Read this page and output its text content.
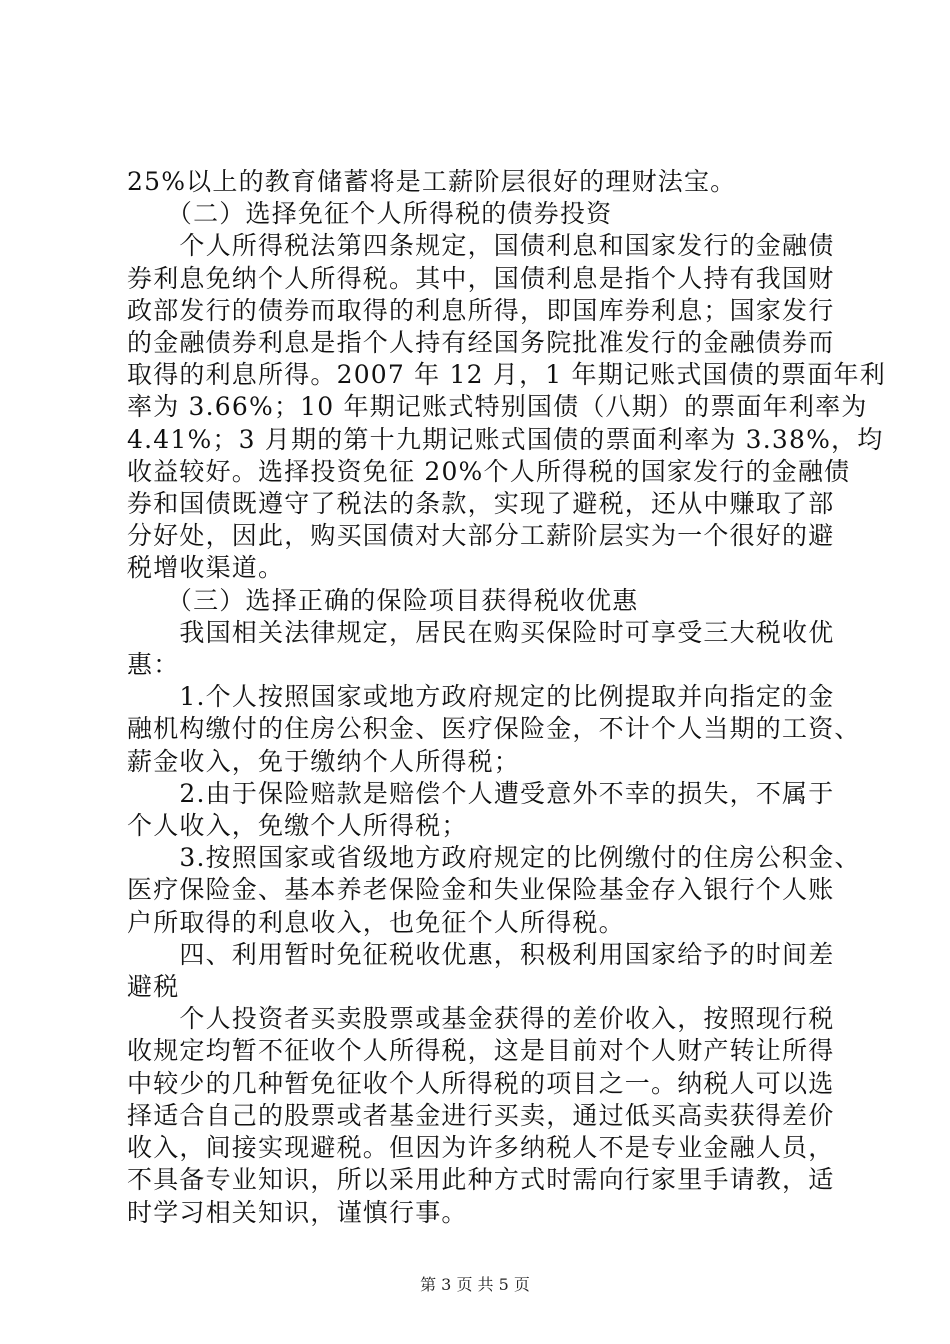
25%以上的教育储蓄将是工薪阶层很好的理财法宝。
　　（二）选择免征个人所得税的债券投资
　　个人所得税法第四条规定，国债利息和国家发行的金融债
券利息免纳个人所得税。其中，国债利息是指个人持有我国财
政部发行的债券而取得的利息所得，即国库券利息；国家发行
的金融债券利息是指个人持有经国务院批准发行的金融债券而
取得的利息所得。2007 年 12 月，1 年期记账式国债的票面年利
率为 3.66%；10 年期记账式特别国债（八期）的票面年利率为
4.41%；3 月期的第十九期记账式国债的票面利率为 3.38%，均
收益较好。选择投资免征 20%个人所得税的国家发行的金融债
券和国债既遵守了税法的条款，实现了避税，还从中赚取了部
分好处，因此，购买国债对大部分工薪阶层实为一个很好的避
税增收渠道。
　　（三）选择正确的保险项目获得税收优惠
　　我国相关法律规定，居民在购买保险时可享受三大税收优
惠：
　　1.个人按照国家或地方政府规定的比例提取并向指定的金
融机构缴付的住房公积金、医疗保险金，不计个人当期的工资、
薪金收入，免于缴纳个人所得税；
　　2.由于保险赔款是赔偿个人遭受意外不幸的损失，不属于
个人收入，免缴个人所得税；
　　3.按照国家或省级地方政府规定的比例缴付的住房公积金、
医疗保险金、基本养老保险金和失业保险基金存入银行个人账
户所取得的利息收入，也免征个人所得税。
　　四、利用暂时免征税收优惠，积极利用国家给予的时间差
避税
　　个人投资者买卖股票或基金获得的差价收入，按照现行税
收规定均暂不征收个人所得税，这是目前对个人财产转让所得
中较少的几种暂免征收个人所得税的项目之一。纳税人可以选
择适合自己的股票或者基金进行买卖，通过低买高卖获得差价
收入，间接实现避税。但因为许多纳税人不是专业金融人员，
不具备专业知识，所以采用此种方式时需向行家里手请教，适
时学习相关知识，谨慎行事。
第 3 页 共 5 页
